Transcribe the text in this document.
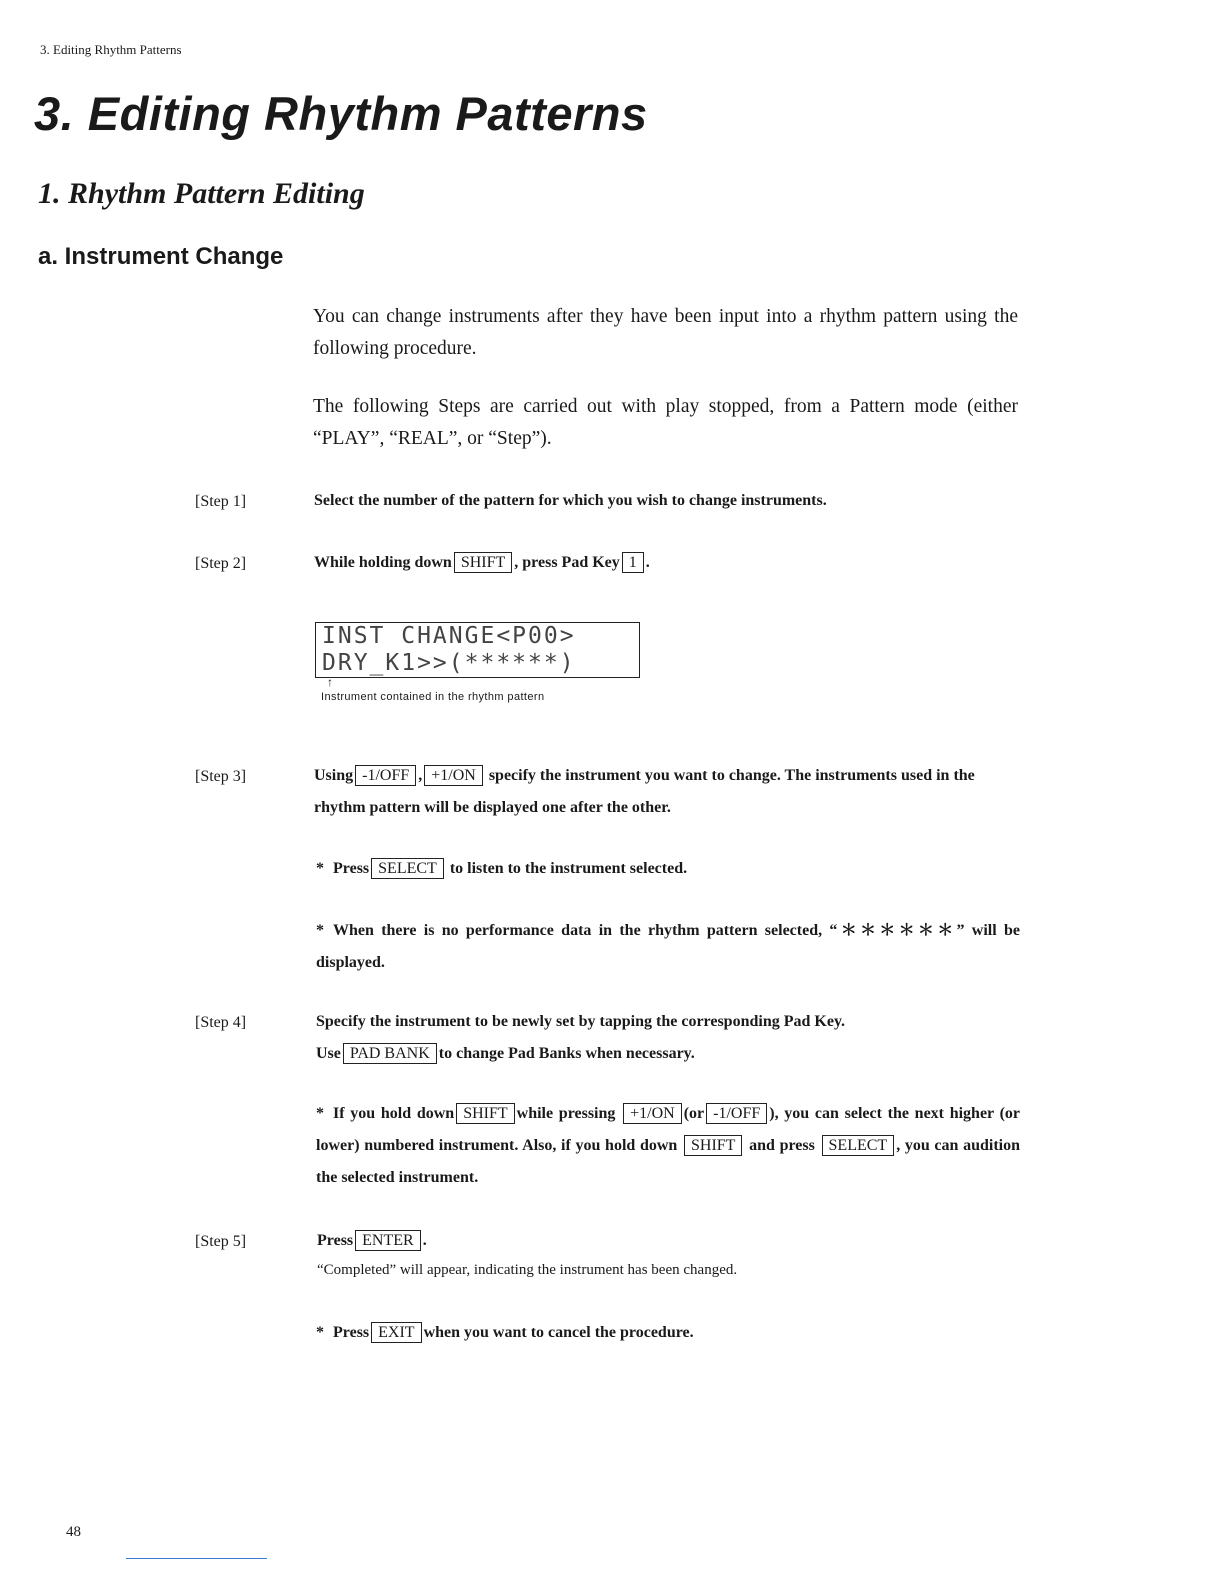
3. Editing Rhythm Patterns
3. Editing Rhythm Patterns
1. Rhythm Pattern Editing
a. Instrument Change
You can change instruments after they have been input into a rhythm pattern using the following procedure.
The following Steps are carried out with play stopped, from a Pattern mode (either “PLAY”, “REAL”, or “Step”).
[Step 1]	Select the number of the pattern for which you wish to change instruments.
[Step 2]	While holding down SHIFT , press Pad Key 1 .
INST CHANGE<P00>
DRY_K1>>(******)
↑
Instrument contained in the rhythm pattern
[Step 3]	Using -1/OFF , +1/ON specify the instrument you want to change. The instruments used in the rhythm pattern will be displayed one after the other.
* Press SELECT to listen to the instrument selected.
* When there is no performance data in the rhythm pattern selected, “＊＊＊＊＊＊” will be displayed.
[Step 4]	Specify the instrument to be newly set by tapping the corresponding Pad Key.
Use PAD BANK to change Pad Banks when necessary.
* If you hold down SHIFT while pressing +1/ON (or -1/OFF ), you can select the next higher (or lower) numbered instrument. Also, if you hold down SHIFT and press SELECT , you can audition the selected instrument.
[Step 5]	Press ENTER .
“Completed” will appear, indicating the instrument has been changed.
* Press EXIT when you want to cancel the procedure.
48
